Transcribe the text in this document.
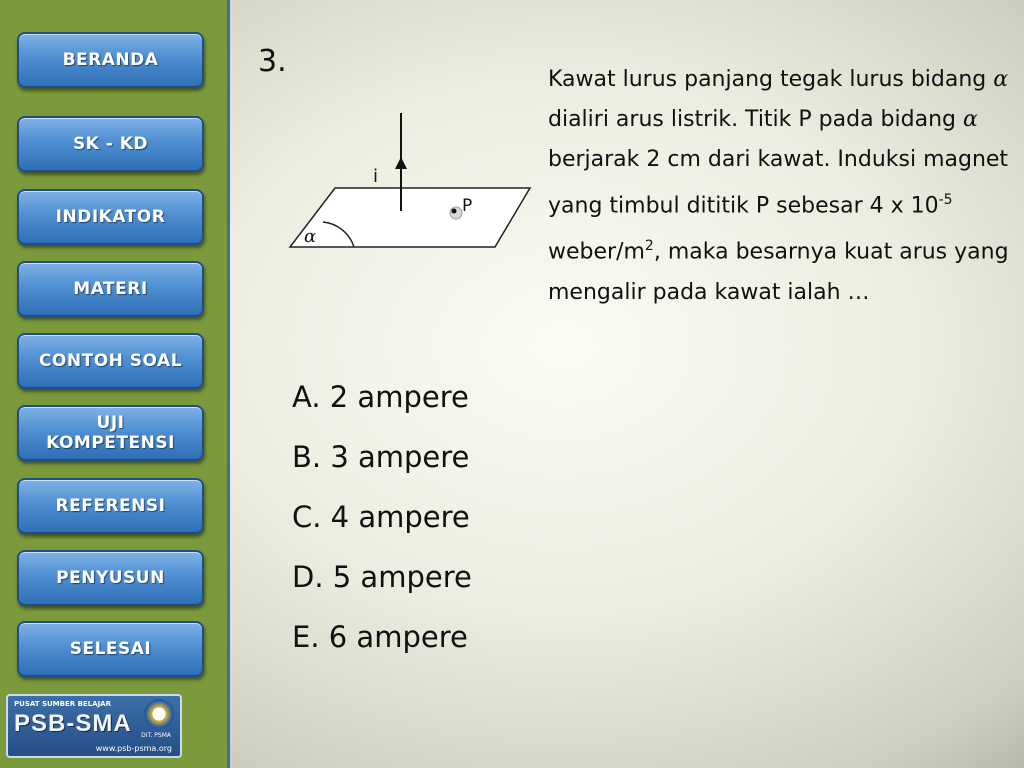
BERANDA
SK - KD
INDIKATOR
MATERI
CONTOH SOAL
UJI
KOMPETENSI
REFERENSI
PENYUSUN
SELESAI
PUSAT SUMBER BELAJAR
PSB-SMA
www.psb-psma.org
DIT. PSMA
3.
i
P
α

Kawat lurus panjang tegak lurus bidang α dialiri arus listrik. Titik P pada bidang α berjarak 2 cm dari kawat. Induksi magnet yang timbul dititik P sebesar 4 x $10^{-5}$ weber/$m^2$, maka besarnya kuat arus yang mengalir pada kawat ialah …

A. 2 ampere
B. 3 ampere
C. 4 ampere
D. 5 ampere
E. 6 ampere
